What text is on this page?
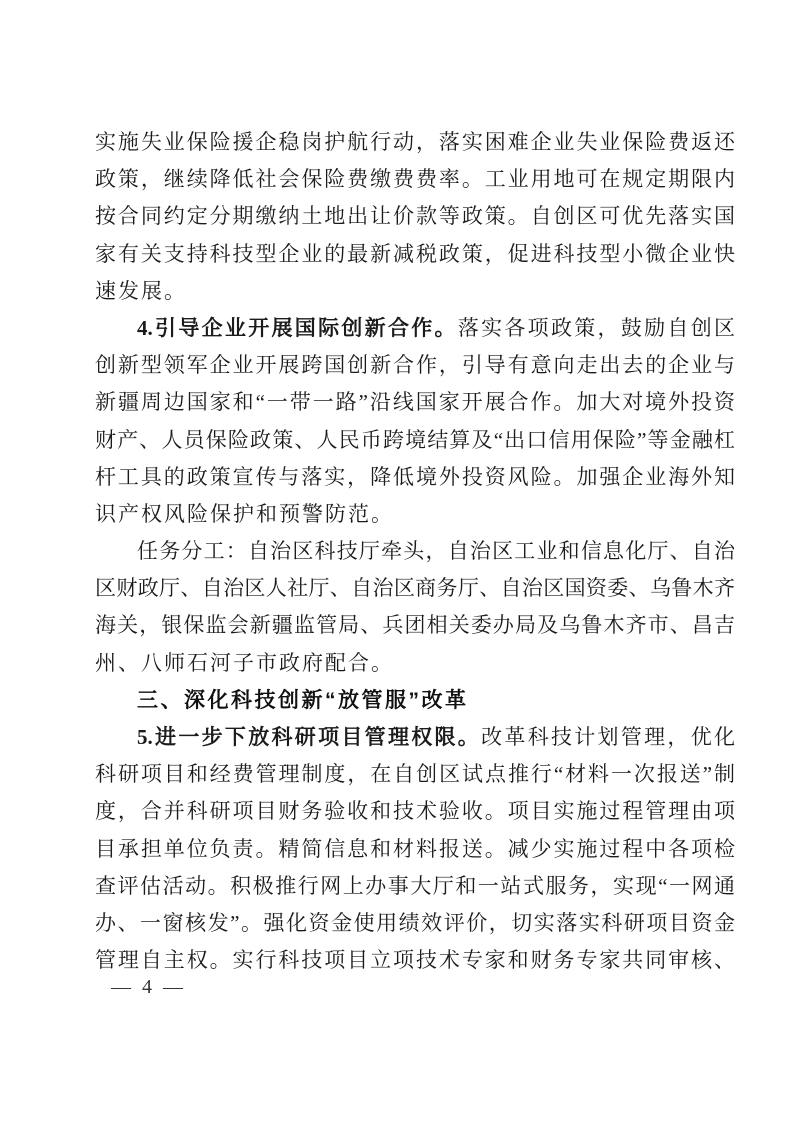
实施失业保险援企稳岗护航行动，落实困难企业失业保险费返还
政策，继续降低社会保险费缴费费率。工业用地可在规定期限内
按合同约定分期缴纳土地出让价款等政策。自创区可优先落实国
家有关支持科技型企业的最新减税政策，促进科技型小微企业快
速发展。
4.引导企业开展国际创新合作。落实各项政策，鼓励自创区
创新型领军企业开展跨国创新合作，引导有意向走出去的企业与
新疆周边国家和“一带一路”沿线国家开展合作。加大对境外投资
财产、人员保险政策、人民币跨境结算及“出口信用保险”等金融杠
杆工具的政策宣传与落实，降低境外投资风险。加强企业海外知
识产权风险保护和预警防范。
任务分工：自治区科技厅牵头，自治区工业和信息化厅、自治
区财政厅、自治区人社厅、自治区商务厅、自治区国资委、乌鲁木齐
海关，银保监会新疆监管局、兵团相关委办局及乌鲁木齐市、昌吉
州、八师石河子市政府配合。
三、深化科技创新“放管服”改革
5.进一步下放科研项目管理权限。改革科技计划管理，优化
科研项目和经费管理制度，在自创区试点推行“材料一次报送”制
度，合并科研项目财务验收和技术验收。项目实施过程管理由项
目承担单位负责。精简信息和材料报送。减少实施过程中各项检
查评估活动。积极推行网上办事大厅和一站式服务，实现“一网通
办、一窗核发”。强化资金使用绩效评价，切实落实科研项目资金
管理自主权。实行科技项目立项技术专家和财务专家共同审核、
— 4 —
